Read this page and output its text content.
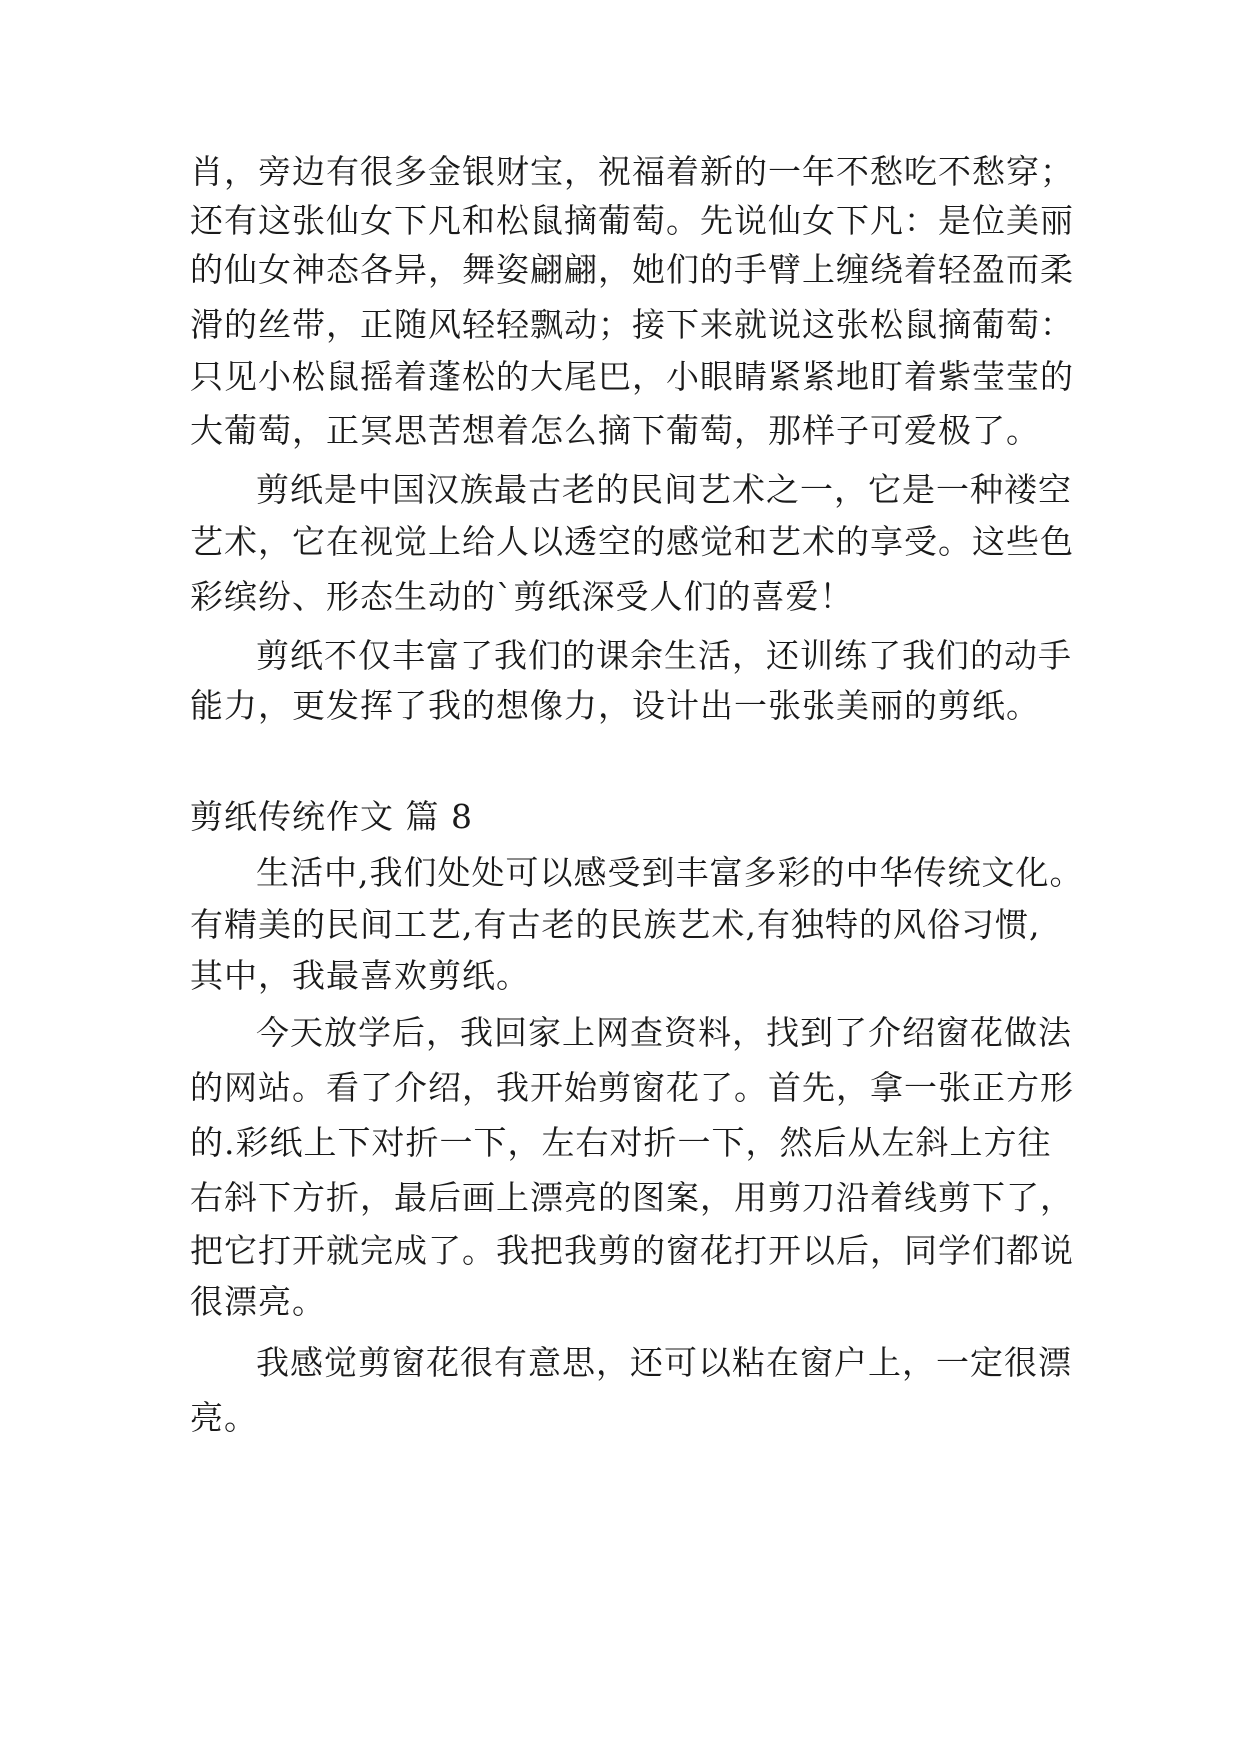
肖，旁边有很多金银财宝，祝福着新的一年不愁吃不愁穿；
还有这张仙女下凡和松鼠摘葡萄。先说仙女下凡：是位美丽
的仙女神态各异，舞姿翩翩，她们的手臂上缠绕着轻盈而柔
滑的丝带，正随风轻轻飘动；接下来就说这张松鼠摘葡萄：
只见小松鼠摇着蓬松的大尾巴，小眼睛紧紧地盯着紫莹莹的
大葡萄，正冥思苦想着怎么摘下葡萄，那样子可爱极了。
剪纸是中国汉族最古老的民间艺术之一，它是一种褛空
艺术，它在视觉上给人以透空的感觉和艺术的享受。这些色
彩缤纷、形态生动的`剪纸深受人们的喜爱！
剪纸不仅丰富了我们的课余生活，还训练了我们的动手
能力，更发挥了我的想像力，设计出一张张美丽的剪纸。
剪纸传统作文 篇 8
生活中,我们处处可以感受到丰富多彩的中华传统文化。
有精美的民间工艺,有古老的民族艺术,有独特的风俗习惯,
其中，我最喜欢剪纸。
今天放学后，我回家上网查资料，找到了介绍窗花做法
的网站。看了介绍，我开始剪窗花了。首先，拿一张正方形
的.彩纸上下对折一下，左右对折一下，然后从左斜上方往
右斜下方折，最后画上漂亮的图案，用剪刀沿着线剪下了，
把它打开就完成了。我把我剪的窗花打开以后，同学们都说
很漂亮。
我感觉剪窗花很有意思，还可以粘在窗户上，一定很漂
亮。
